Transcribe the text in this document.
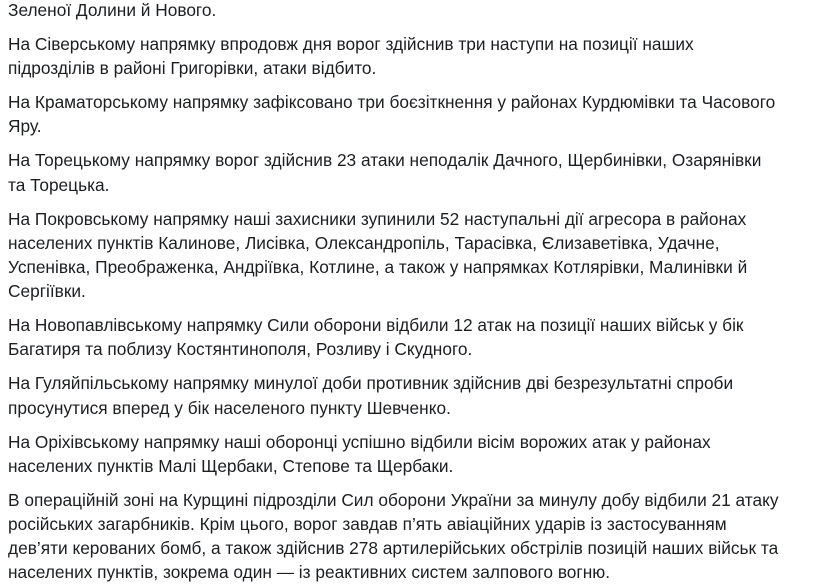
Зеленої Долини й Нового.

На Сіверському напрямку впродовж дня ворог здійснив три наступи на позиції наших
підрозділів в районі Григорівки, атаки відбито.

На Краматорському напрямку зафіксовано три боєзіткнення у районах Курдюмівки та Часового
Яру.

На Торецькому напрямку ворог здійснив 23 атаки неподалік Дачного, Щербинівки, Озарянівки
та Торецька.

На Покровському напрямку наші захисники зупинили 52 наступальні дії агресора в районах
населених пунктів Калинове, Лисівка, Олександропіль, Тарасівка, Єлизаветівка, Удачне,
Успенівка, Преображенка, Андріївка, Котлине, а також у напрямках Котлярівки, Малинівки й
Сергіївки.

На Новопавлівському напрямку Сили оборони відбили 12 атак на позиції наших військ у бік
Багатиря та поблизу Костянтинополя, Розливу і Скудного.

На Гуляйпільському напрямку минулої доби противник здійснив дві безрезультатні спроби
просунутися вперед у бік населеного пункту Шевченко.

На Оріхівському напрямку наші оборонці успішно відбили вісім ворожих атак у районах
населених пунктів Малі Щербаки, Степове та Щербаки.

В операційній зоні на Курщині підрозділи Сил оборони України за минулу добу відбили 21 атаку
російських загарбників. Крім цього, ворог завдав п’ять авіаційних ударів із застосуванням
дев’яти керованих бомб, а також здійснив 278 артилерійських обстрілів позицій наших військ та
населених пунктів, зокрема один — із реактивних систем залпового вогню.
